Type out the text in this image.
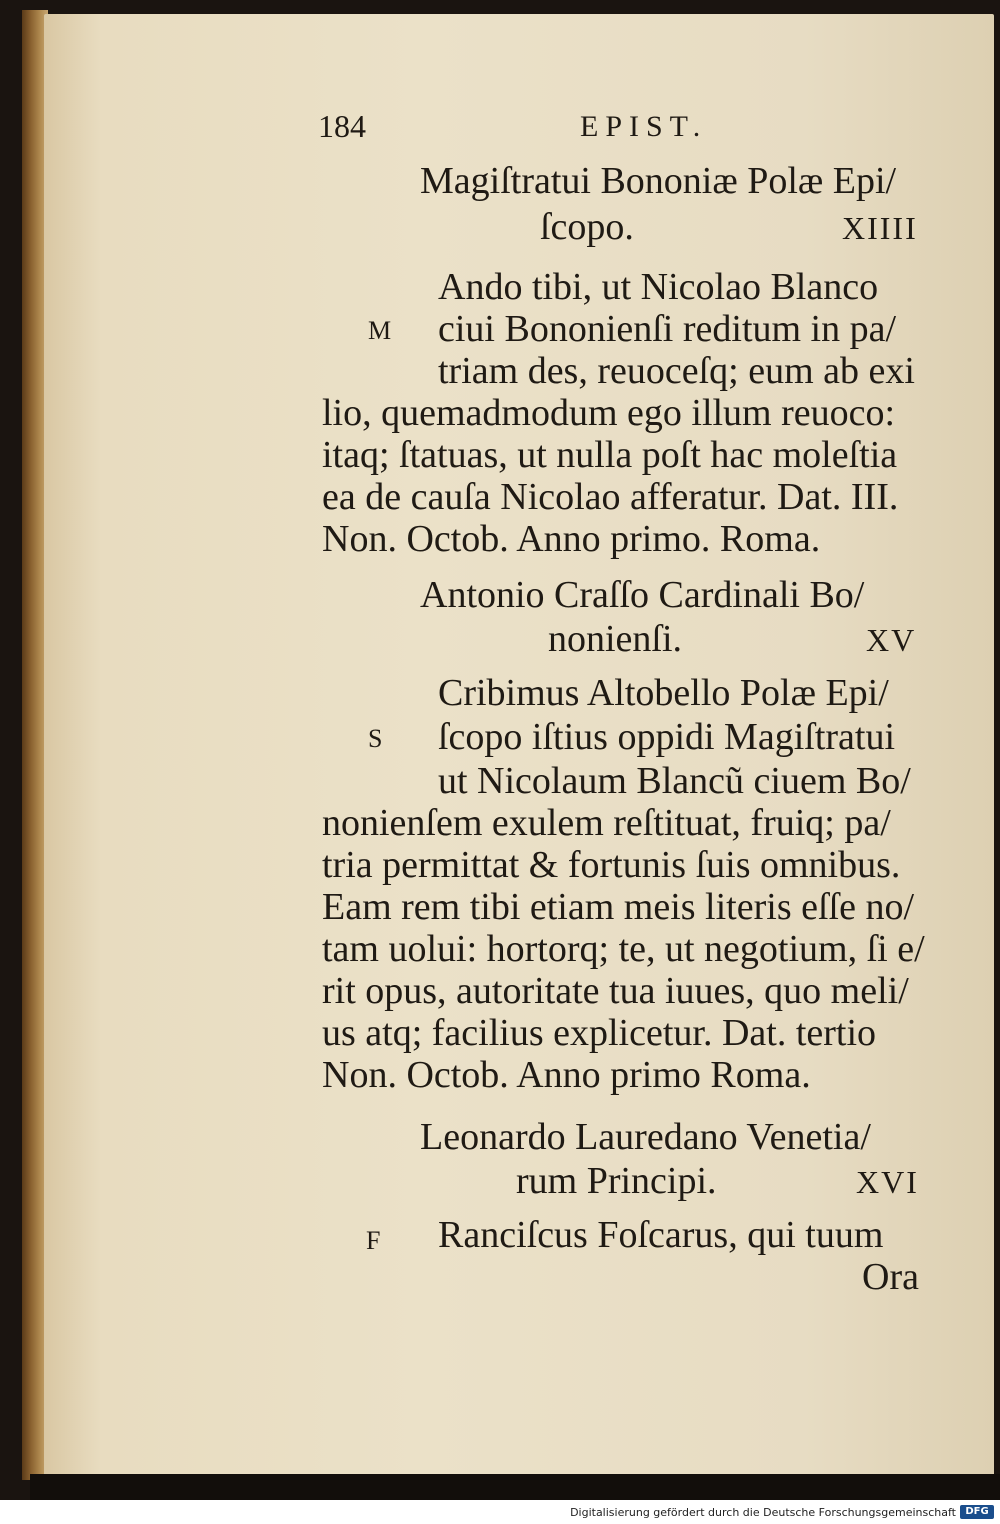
184	EPIST.
Magiſtratui Bononiæ Polæ Epi/
ſcopo.	XIIII
M
Ando tibi, ut Nicolao Blanco
ciui Bononienſi reditum in pa/
triam des, reuoceſq; eum ab exi
lio, quemadmodum ego illum reuoco:
itaq; ſtatuas, ut nulla poſt hac moleſtia
ea de cauſa Nicolao afferatur. Dat. III.
Non. Octob. Anno primo. Roma.
Antonio Craſſo Cardinali Bo/
nonienſi.	XV
S
Cribimus Altobello Polæ Epi/
ſcopo iſtius oppidi Magiſtratui
ut Nicolaum Blancũ ciuem Bo/
nonienſem exulem reſtituat, fruiq; pa/
tria permittat & fortunis ſuis omnibus.
Eam rem tibi etiam meis literis eſſe no/
tam uolui: hortorq; te, ut negotium, ſi e/
rit opus, autoritate tua iuues, quo meli/
us atq; facilius explicetur. Dat. tertio
Non. Octob. Anno primo Roma.
Leonardo Lauredano Venetia/
rum Principi.	XVI
F Ranciſcus Foſcarus, qui tuum
Ora
Digitalisierung gefördert durch die Deutsche Forschungsgemeinschaft DFG
